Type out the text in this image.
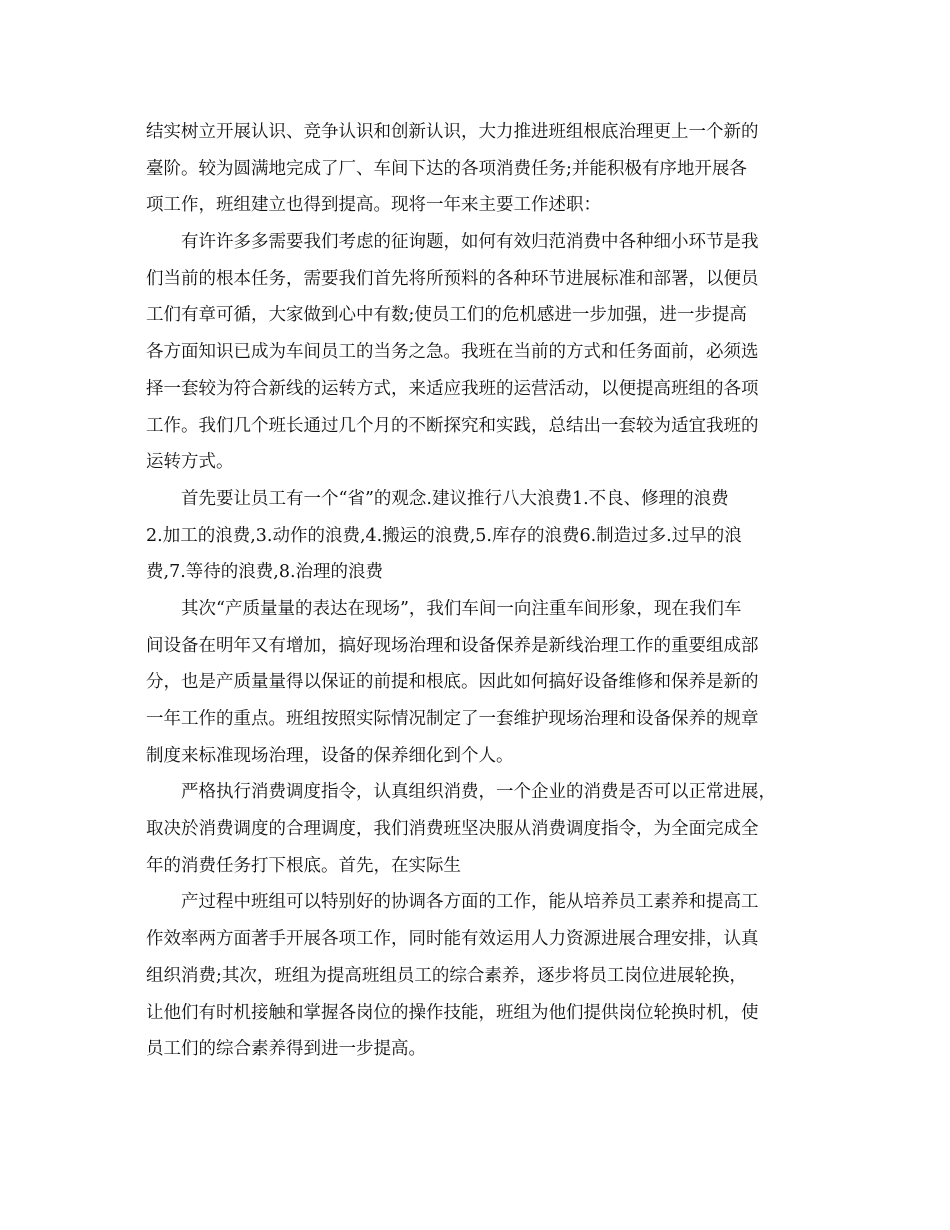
结实树立开展认识、竞争认识和创新认识，大力推进班组根底治理更上一个新的
臺阶。较为圆满地完成了厂、车间下达的各项消费任务;并能积极有序地开展各
项工作，班组建立也得到提高。现将一年来主要工作述职：
有许许多多需要我们考虑的征询题，如何有效归范消费中各种细小环节是我
们当前的根本任务，需要我们首先将所预料的各种环节进展标准和部署，以便员
工们有章可循，大家做到心中有数;使员工们的危机感进一步加强，进一步提高
各方面知识已成为车间员工的当务之急。我班在当前的方式和任务面前，必须选
择一套较为符合新线的运转方式，来适应我班的运营活动，以便提高班组的各项
工作。我们几个班长通过几个月的不断探究和实践，总结出一套较为适宜我班的
运转方式。
首先要让员工有一个“省”的观念.建议推行八大浪费1.不良、修理的浪费
2.加工的浪费,3.动作的浪费,4.搬运的浪费,5.库存的浪费6.制造过多.过早的浪
费,7.等待的浪费,8.治理的浪费
其次“产质量量的表达在现场”，我们车间一向注重车间形象，现在我们车
间设备在明年又有增加，搞好现场治理和设备保养是新线治理工作的重要组成部
分，也是产质量量得以保证的前提和根底。因此如何搞好设备维修和保养是新的
一年工作的重点。班组按照实际情况制定了一套维护现场治理和设备保养的规章
制度来标准现场治理，设备的保养细化到个人。
严格执行消费调度指令，认真组织消费，一个企业的消费是否可以正常进展，
取决於消费调度的合理调度，我们消费班坚决服从消费调度指令，为全面完成全
年的消费任务打下根底。首先，在实际生
产过程中班组可以特别好的协调各方面的工作，能从培养员工素养和提高工
作效率两方面著手开展各项工作，同时能有效运用人力资源进展合理安排，认真
组织消费;其次，班组为提高班组员工的综合素养，逐步将员工岗位进展轮换，
让他们有时机接触和掌握各岗位的操作技能，班组为他们提供岗位轮换时机，使
员工们的综合素养得到进一步提高。
